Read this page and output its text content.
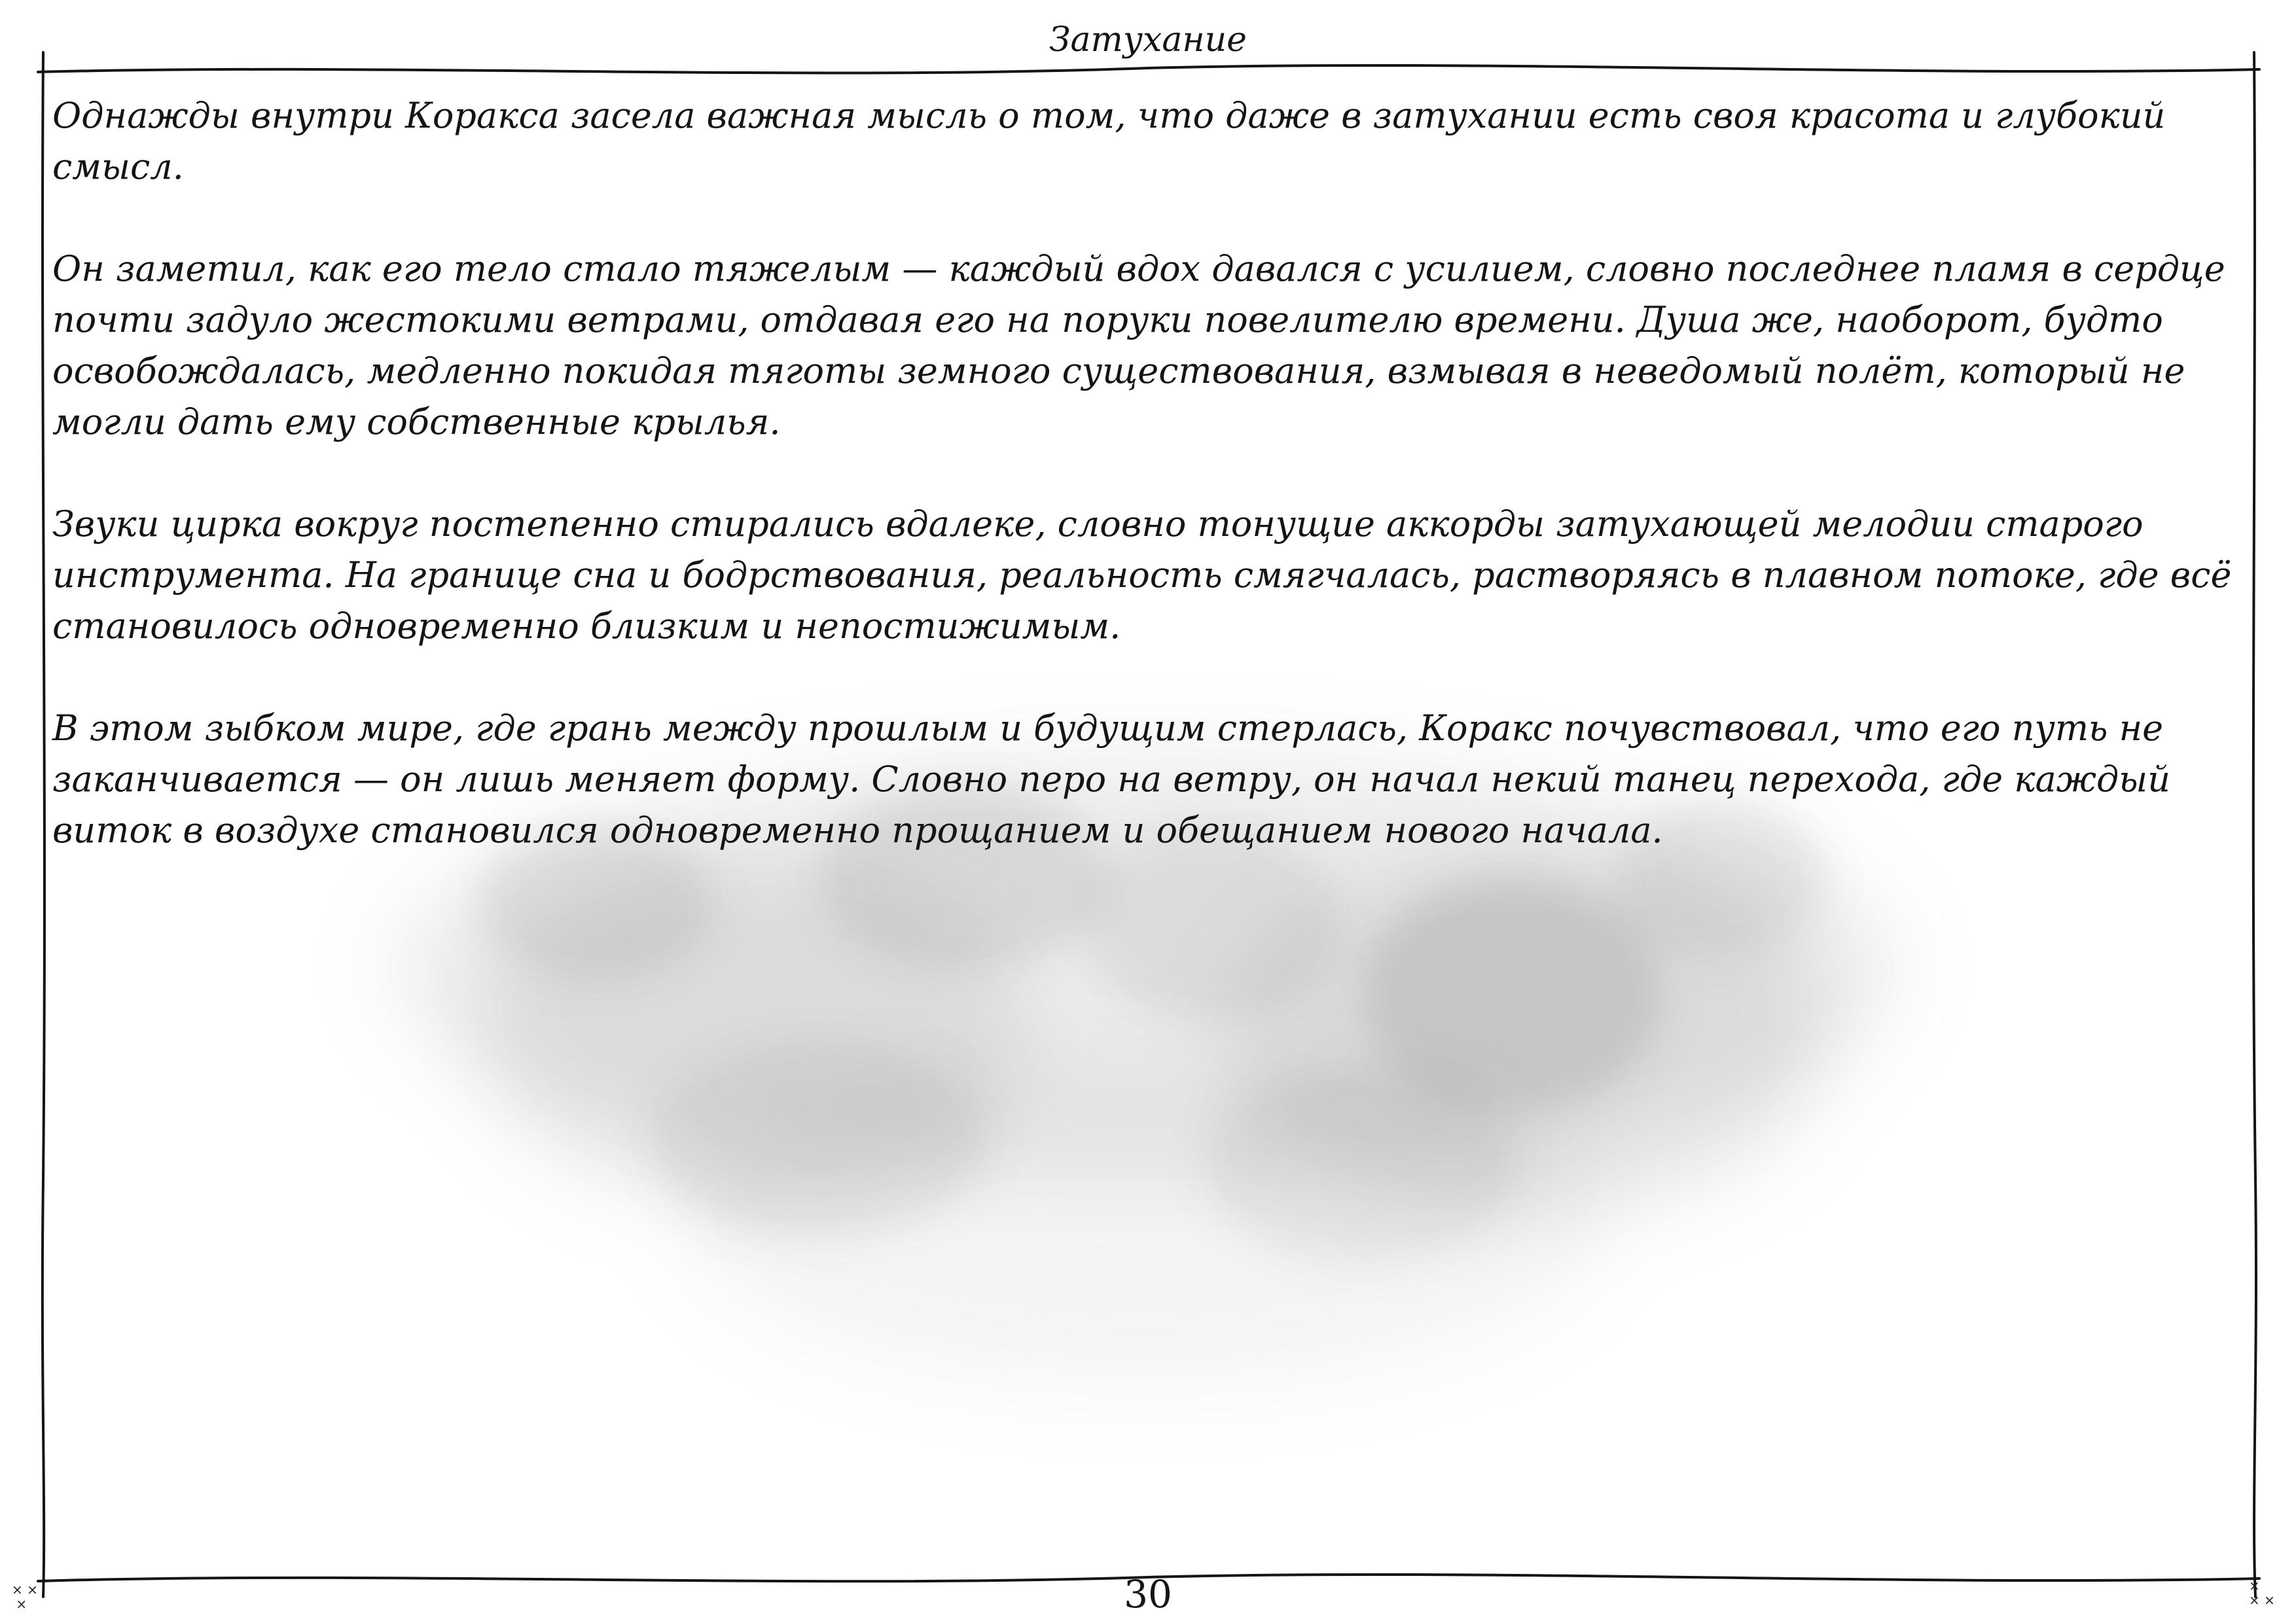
× ×
×
×
× ×
Затухание

Однажды внутри Коракса засела важная мысль о том, что даже в затухании есть своя красота и глубокий смысл.

Он заметил, как его тело стало тяжелым — каждый вдох давался с усилием, словно последнее пламя в сердце почти задуло жестокими ветрами, отдавая его на поруки повелителю времени. Душа же, наоборот, будто освобождалась, медленно покидая тяготы земного существования, взмывая в неведомый полёт, который не могли дать ему собственные крылья.

Звуки цирка вокруг постепенно стирались вдалеке, словно тонущие аккорды затухающей мелодии старого инструмента. На границе сна и бодрствования, реальность смягчалась, растворяясь в плавном потоке, где всё становилось одновременно близким и непостижимым.

В этом зыбком мире, где грань между прошлым и будущим стерлась, Коракс почувствовал, что его путь не заканчивается — он лишь меняет форму. Словно перо на ветру, он начал некий танец перехода, где каждый виток в воздухе становился одновременно прощанием и обещанием нового начала.

30
